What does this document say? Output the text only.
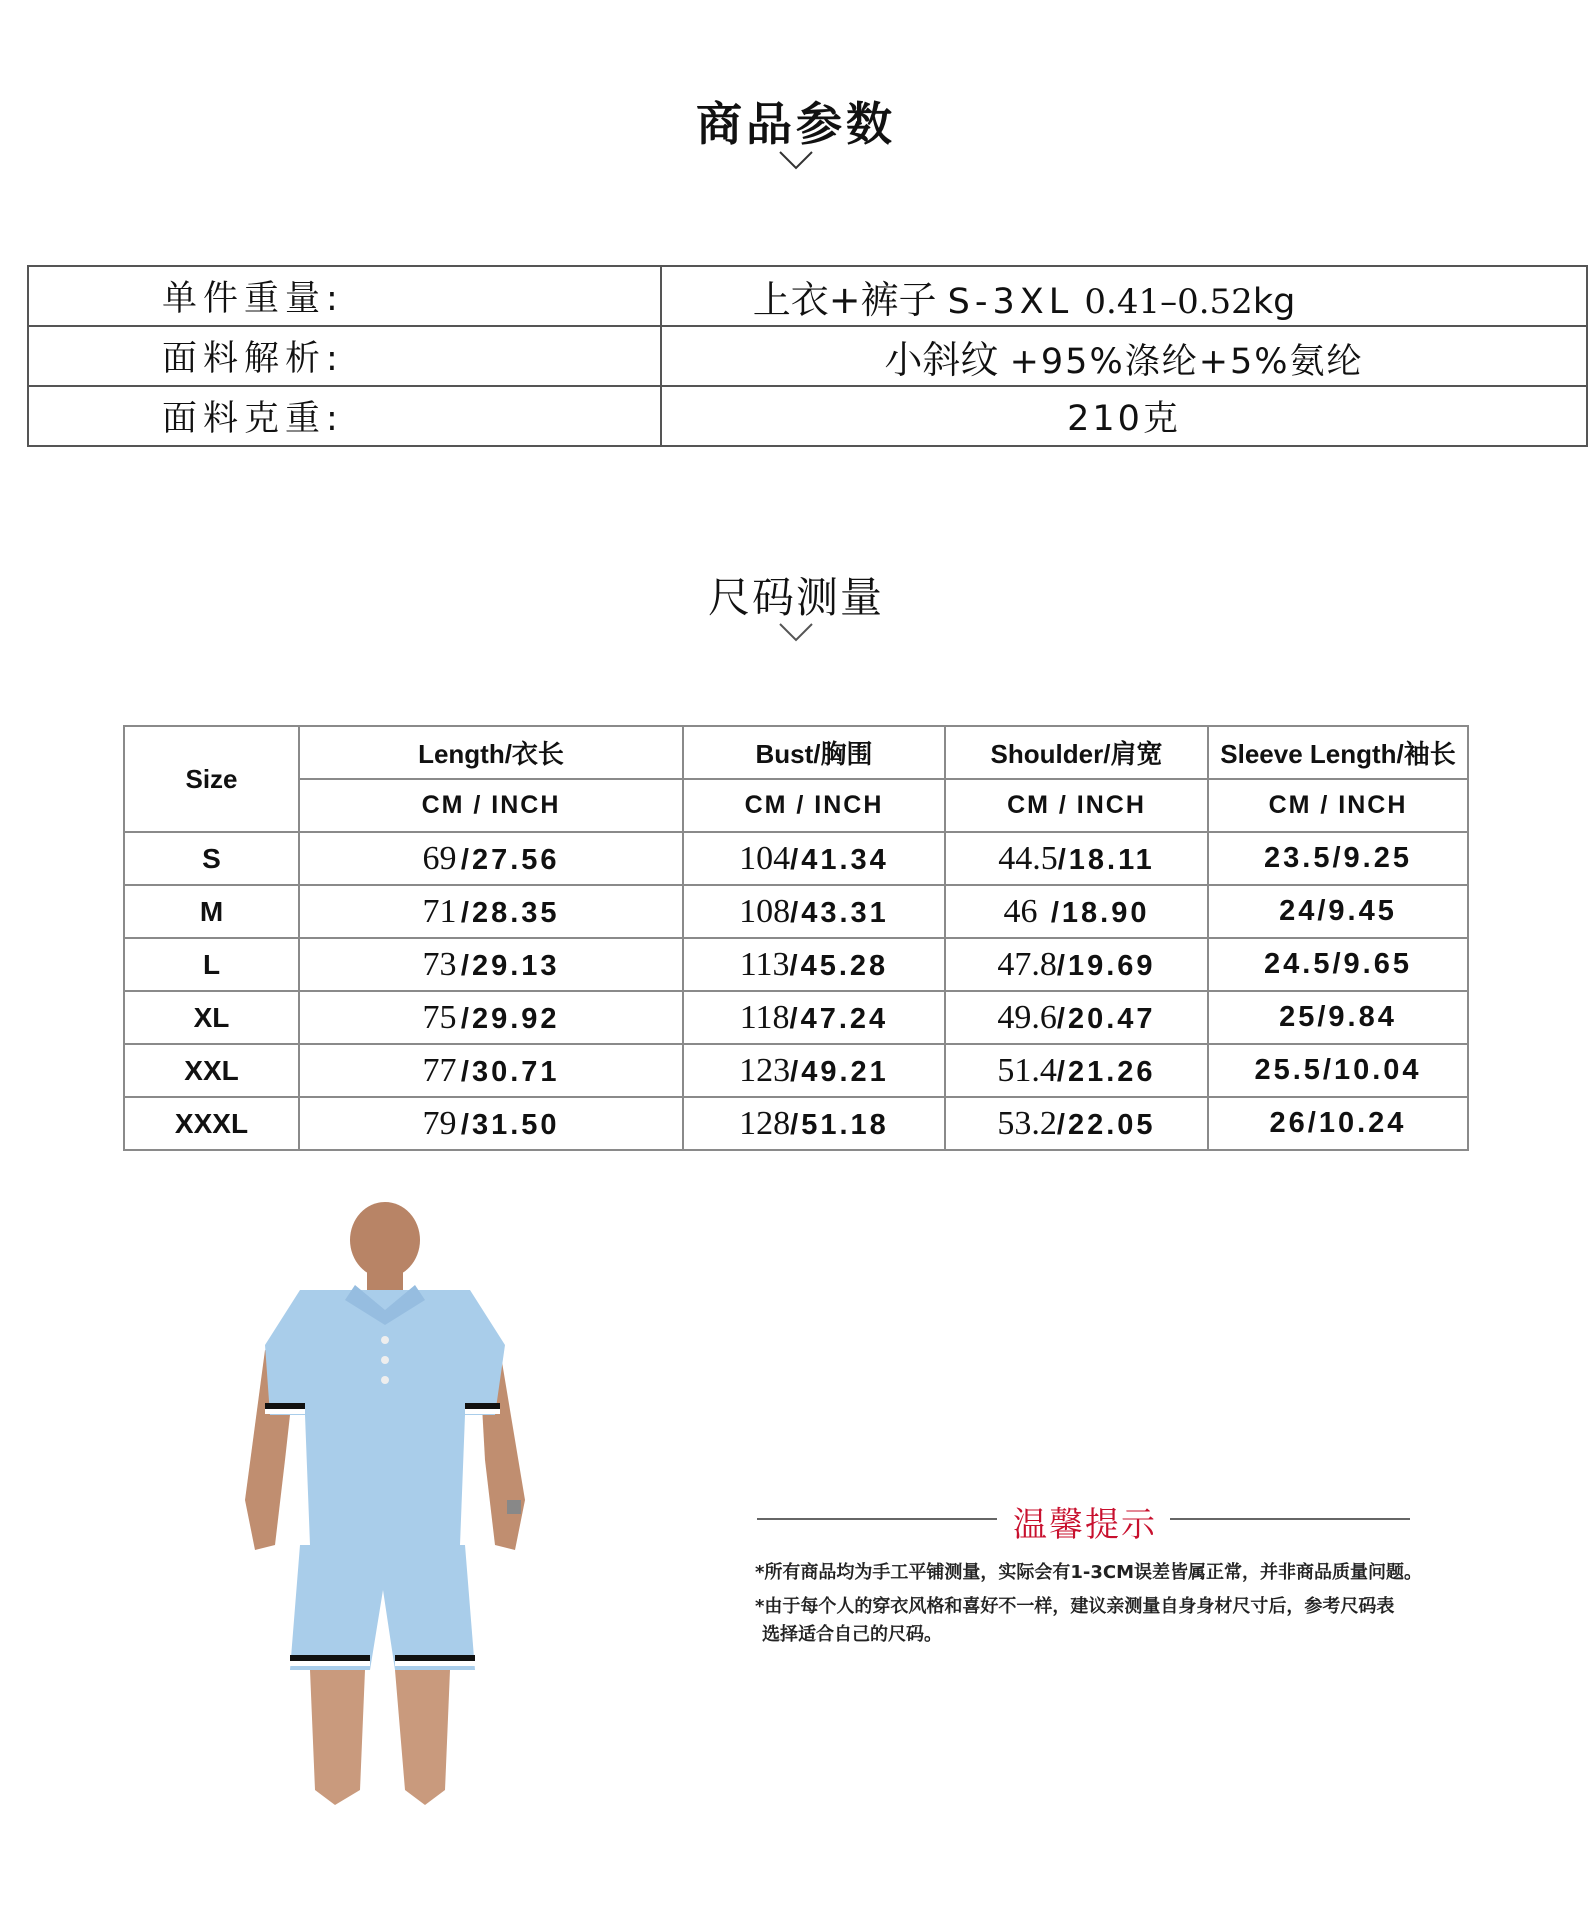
商品参数
单件重量:	上衣+裤子 S-3XL 0.41–0.52kg
面料解析:	小斜纹 +95%涤纶+5%氨纶
面料克重:	210克
尺码测量
Size	Length/衣长	Bust/胸围	Shoulder/肩宽	Sleeve Length/袖长
	CM / INCH	CM / INCH	CM / INCH	CM / INCH
S	69 /27.56	104/41.34	44.5/18.11	23.5/9.25
M	71 /28.35	108/43.31	46 /18.90	24/9.45
L	73 /29.13	113/45.28	47.8/19.69	24.5/9.65
XL	75 /29.92	118/47.24	49.6/20.47	25/9.84
XXL	77 /30.71	123/49.21	51.4/21.26	25.5/10.04
XXXL	79 /31.50	128/51.18	53.2/22.05	26/10.24
温馨提示
*所有商品均为手工平铺测量，实际会有1-3CM误差皆属正常，并非商品质量问题。
*由于每个人的穿衣风格和喜好不一样，建议亲测量自身身材尺寸后，参考尺码表
选择适合自己的尺码。
